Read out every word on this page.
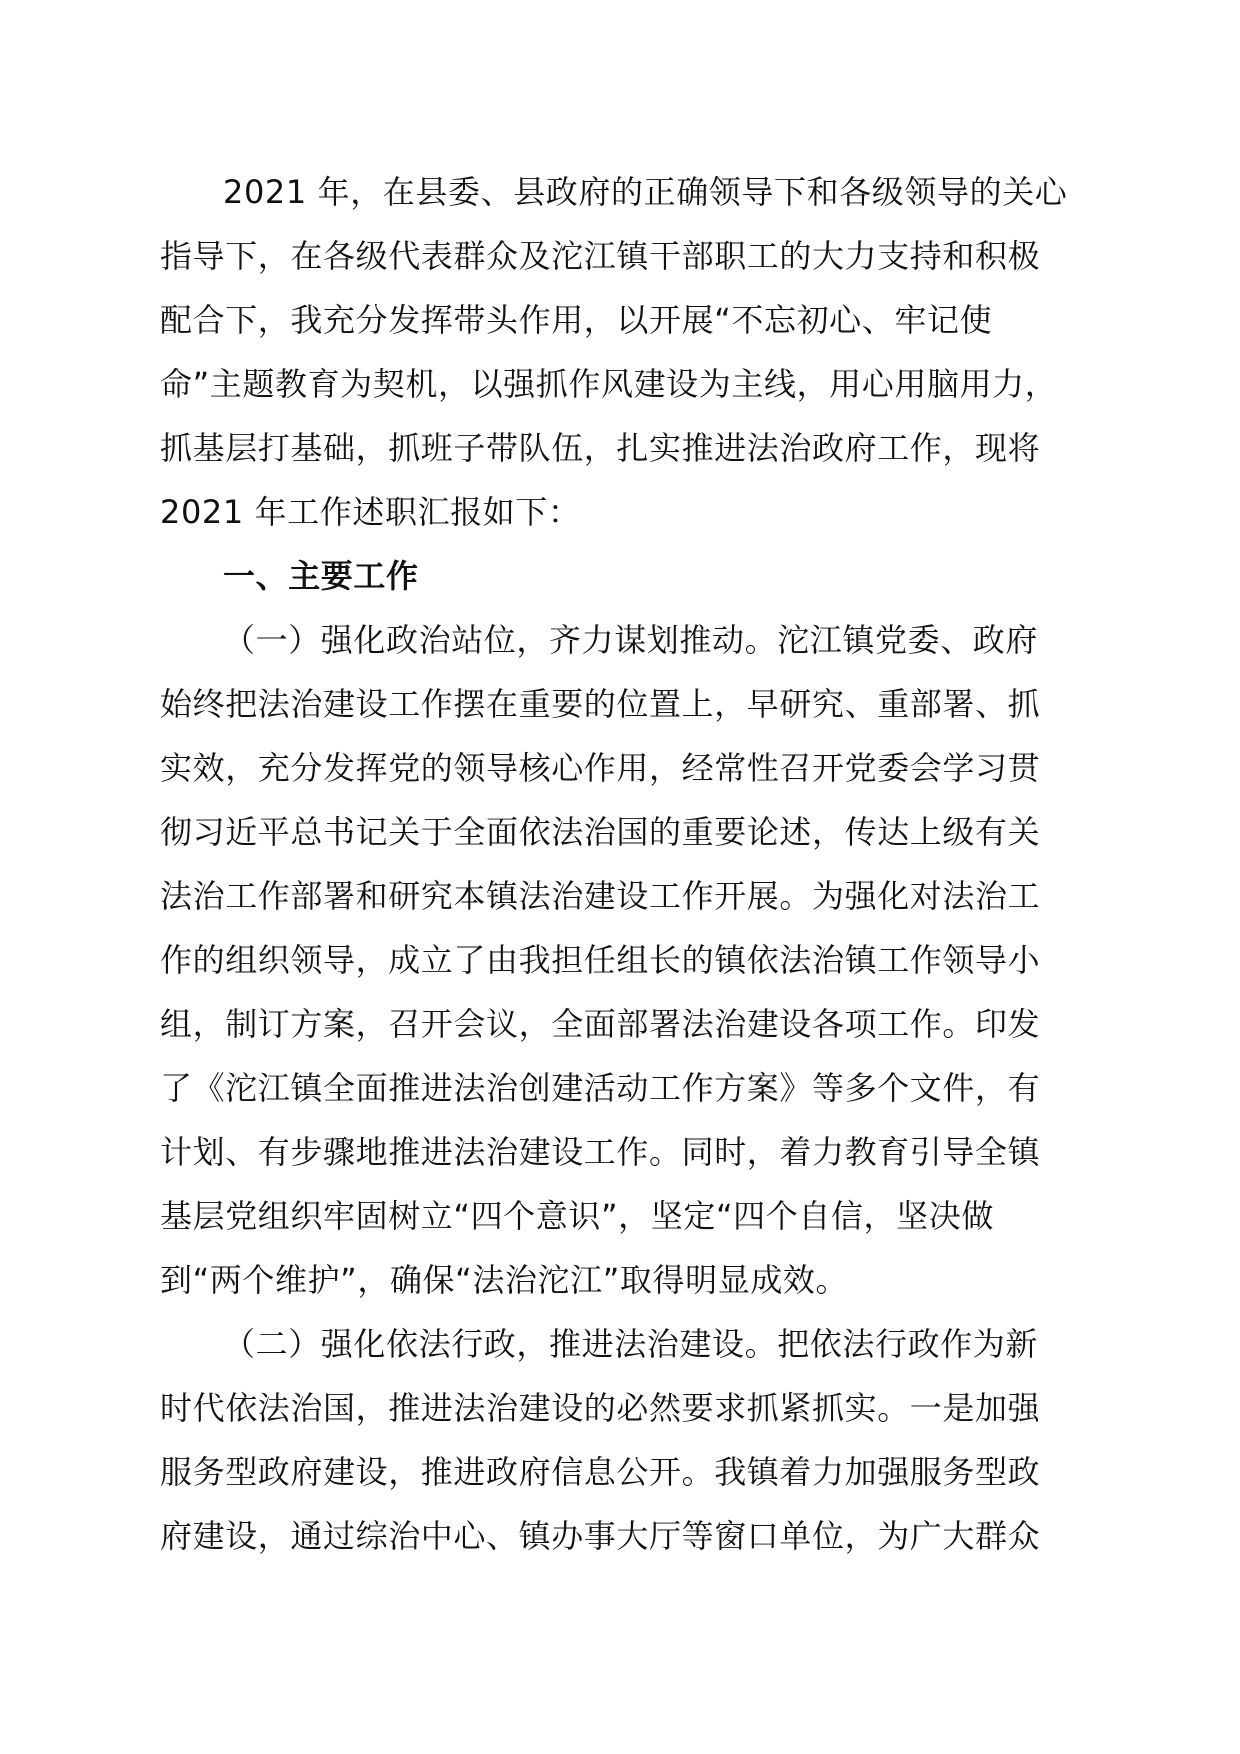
2021 年，在县委、县政府的正确领导下和各级领导的关心
指导下，在各级代表群众及沱江镇干部职工的大力支持和积极
配合下，我充分发挥带头作用，以开展“不忘初心、牢记使
命”主题教育为契机，以强抓作风建设为主线，用心用脑用力，
抓基层打基础，抓班子带队伍，扎实推进法治政府工作，现将
2021 年工作述职汇报如下：
一、主要工作
（一）强化政治站位，齐力谋划推动。沱江镇党委、政府
始终把法治建设工作摆在重要的位置上，早研究、重部署、抓
实效，充分发挥党的领导核心作用，经常性召开党委会学习贯
彻习近平总书记关于全面依法治国的重要论述，传达上级有关
法治工作部署和研究本镇法治建设工作开展。为强化对法治工
作的组织领导，成立了由我担任组长的镇依法治镇工作领导小
组，制订方案，召开会议，全面部署法治建设各项工作。印发
了《沱江镇全面推进法治创建活动工作方案》等多个文件，有
计划、有步骤地推进法治建设工作。同时，着力教育引导全镇
基层党组织牢固树立“四个意识”，坚定“四个自信，坚决做
到“两个维护”，确保“法治沱江”取得明显成效。
（二）强化依法行政，推进法治建设。把依法行政作为新
时代依法治国，推进法治建设的必然要求抓紧抓实。一是加强
服务型政府建设，推进政府信息公开。我镇着力加强服务型政
府建设，通过综治中心、镇办事大厅等窗口单位，为广大群众
